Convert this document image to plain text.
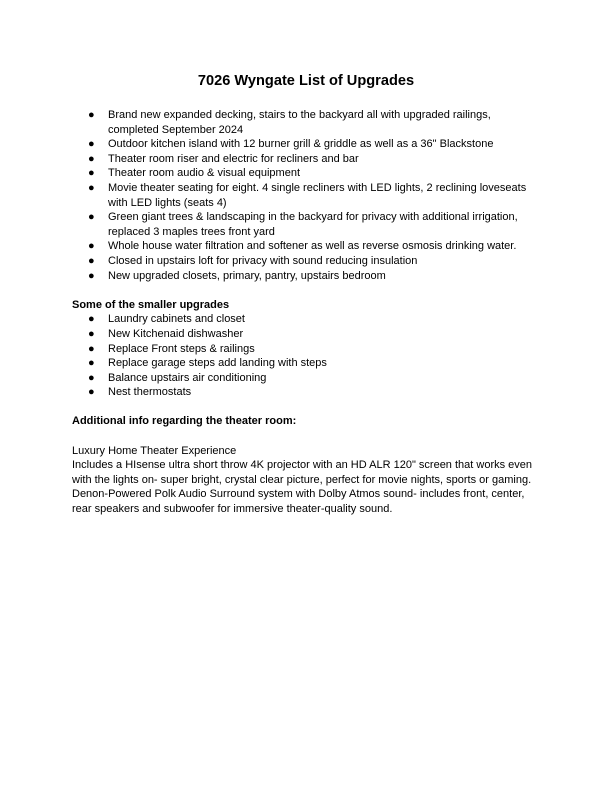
7026 Wyngate List of Upgrades
● Brand new expanded decking, stairs to the backyard all with upgraded railings, completed September 2024
● Outdoor kitchen island with 12 burner grill & griddle as well as a 36" Blackstone
● Theater room riser and electric for recliners and bar
● Theater room audio & visual equipment
● Movie theater seating for eight. 4 single recliners with LED lights, 2 reclining loveseats with LED lights (seats 4)
● Green giant trees & landscaping in the backyard for privacy with additional irrigation, replaced 3 maples trees front yard
● Whole house water filtration and softener as well as reverse osmosis drinking water.
● Closed in upstairs loft for privacy with sound reducing insulation
● New upgraded closets, primary, pantry, upstairs bedroom
Some of the smaller upgrades
● Laundry cabinets and closet
● New Kitchenaid dishwasher
● Replace Front steps & railings
● Replace garage steps add landing with steps
● Balance upstairs air conditioning
● Nest thermostats
Additional info regarding the theater room:

Luxury Home Theater Experience

Includes a HIsense ultra short throw 4K projector with an HD ALR 120" screen that works even with the lights on- super bright, crystal clear picture, perfect for movie nights, sports or gaming. Denon-Powered Polk Audio Surround system with Dolby Atmos sound- includes front, center, rear speakers and subwoofer for immersive theater-quality sound.
